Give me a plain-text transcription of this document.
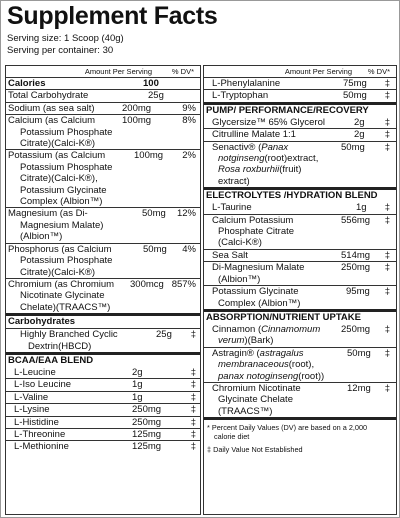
Supplement Facts
Serving size: 1 Scoop (40g)
Serving per container: 30
Amount Per Serving	% DV*
Calories	100
Total Carbohydrate	25g
Sodium (as sea salt)	200mg	9%
Calcium (as Calcium	100mg	8%
Potassium Phosphate
Citrate)(Calci-K®)
Potassium (as Calcium	100mg 2%
Potassium Phosphate
Citrate)(Calci-K®),
Potassium Glycinate
Complex (Albion™)
Magnesium (as Di-	50mg 12%
Magnesium Malate)
(Albion™)
Phosphorus (as Calcium	50mg 4%
Potassium Phosphate
Citrate)(Calci-K®)
Chromium (as Chromium 300mcg 857%
Nicotinate Glycinate
Chelate)(TRAACS™)
Carbohydrates
Highly Branched Cyclic	25g ‡
Dextrin(HBCD)
BCAA/EAA BLEND
L-Leucine	2g	‡
L-Iso Leucine	1g	‡
L-Valine	1g	‡
L-Lysine	250mg	‡
L-Histidine	250mg	‡
L-Threonine	125mg	‡
L-Methionine	125mg	‡
Amount Per Serving % DV*
L-Phenylalanine	75mg ‡
L-Tryptophan	50mg ‡
PUMP/ PERFORMANCE/RECOVERY
Glycersize™ 65% Glycerol	2g ‡
Citrulline Malate 1:1	2g ‡
Senactiv® (Panax	50mg ‡
notginseng(root)extract,
Rosa roxburhii(fruit)
extract)
ELECTROLYTES /HYDRATION BLEND
L-Taurine	1g ‡
Calcium Potassium	556mg ‡
Phosphate Citrate
(Calci-K®)
Sea Salt	514mg ‡
Di-Magnesium Malate	250mg ‡
(Albion™)
Potassium Glycinate	95mg ‡
Complex (Albion™)
ABSORPTION/NUTRIENT UPTAKE
Cinnamon (Cinnamomum 250mg ‡
verum)(Bark)
Astragin® (astragalus	50mg ‡
membranaceous(root),
panax notoginseng(root))
Chromium Nicotinate	12mg ‡
Glycinate Chelate
(TRAACS™)
* Percent Daily Values (DV) are based on a 2,000
calorie diet
‡ Daily Value Not Established
